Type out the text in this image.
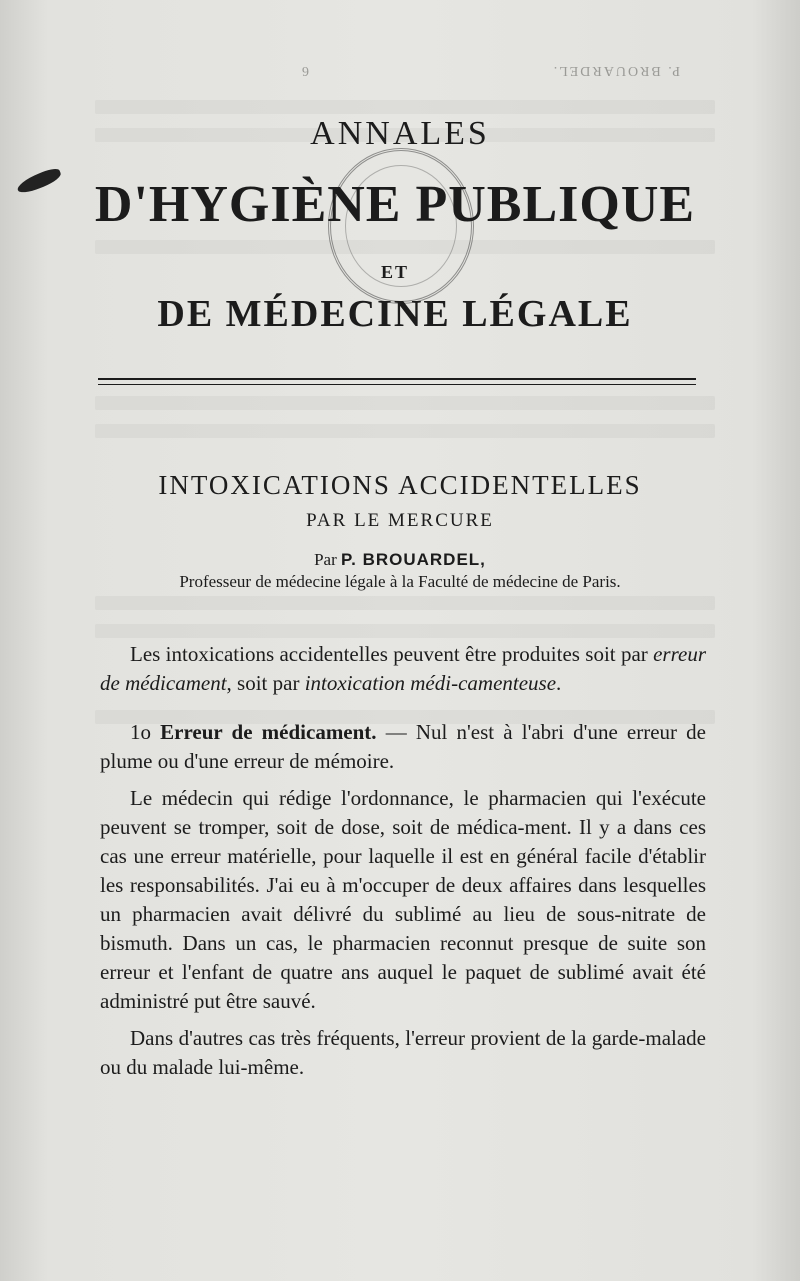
P. BROUARDEL.
6
ANNALES
D'HYGIÈNE PUBLIQUE
ET
DE MÉDECINE LÉGALE
INTOXICATIONS ACCIDENTELLES
PAR LE MERCURE
Par P. BROUARDEL,
Professeur de médecine légale à la Faculté de médecine de Paris.

Les intoxications accidentelles peuvent être produites soit par erreur de médicament, soit par intoxication médi-camenteuse.

1o Erreur de médicament. — Nul n'est à l'abri d'une erreur de plume ou d'une erreur de mémoire.

Le médecin qui rédige l'ordonnance, le pharmacien qui l'exécute peuvent se tromper, soit de dose, soit de médica-ment. Il y a dans ces cas une erreur matérielle, pour laquelle il est en général facile d'établir les responsabilités. J'ai eu à m'occuper de deux affaires dans lesquelles un pharmacien avait délivré du sublimé au lieu de sous-nitrate de bismuth. Dans un cas, le pharmacien reconnut presque de suite son erreur et l'enfant de quatre ans auquel le paquet de sublimé avait été administré put être sauvé.

Dans d'autres cas très fréquents, l'erreur provient de la garde-malade ou du malade lui-même.
